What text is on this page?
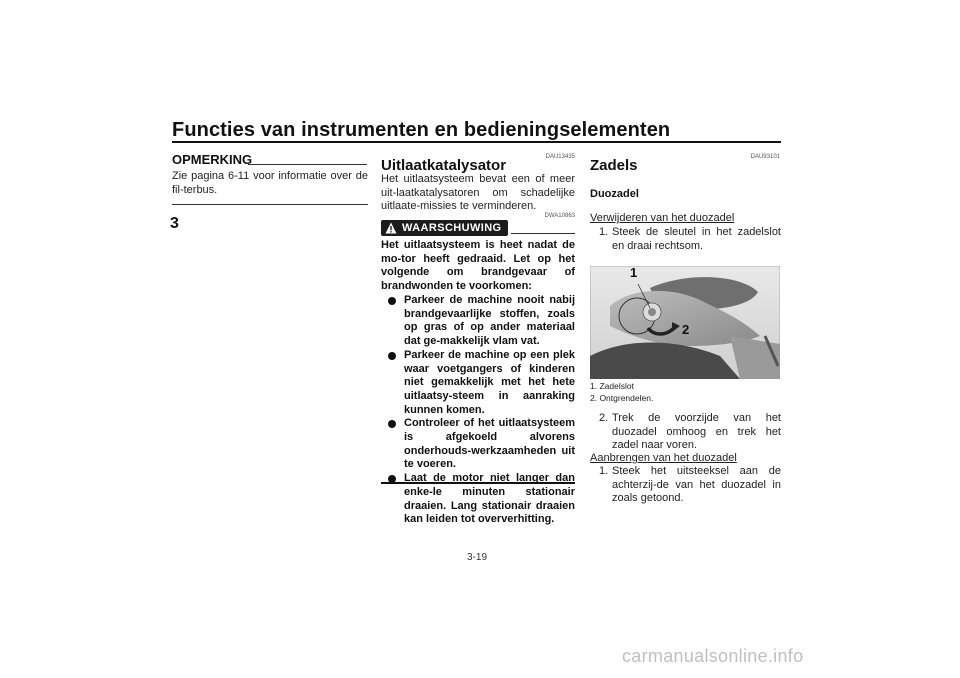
Functies van instrumenten en bedieningselementen
3
OPMERKING
Zie pagina 6-11 voor informatie over de fil-terbus.
DAU13435
Uitlaatkatalysator
Het uitlaatsysteem bevat een of meer uit-laatkatalysatoren om schadelijke uitlaate-missies te verminderen.
DWA10863
WAARSCHUWING
Het uitlaatsysteem is heet nadat de mo-tor heeft gedraaid. Let op het volgende om brandgevaar of brandwonden te voorkomen:
Parkeer de machine nooit nabij brandgevaarlijke stoffen, zoals op gras of op ander materiaal dat ge-makkelijk vlam vat.
Parkeer de machine op een plek waar voetgangers of kinderen niet gemakkelijk met het hete uitlaatsy-steem in aanraking kunnen komen.
Controleer of het uitlaatsysteem is afgekoeld alvorens onderhouds-werkzaamheden uit te voeren.
Laat de motor niet langer dan enke-le minuten stationair draaien. Lang stationair draaien kan leiden tot oververhitting.
DAU93101
Zadels
Duozadel
Verwijderen van het duozadel
1. Steek de sleutel in het zadelslot en draai rechtsom.
1
2
1. Zadelslot
2. Ontgrendelen.
2. Trek de voorzijde van het duozadel omhoog en trek het zadel naar voren.
Aanbrengen van het duozadel
1. Steek het uitsteeksel aan de achterzij-de van het duozadel in zoals getoond.
3-19
carmanualsonline.info
